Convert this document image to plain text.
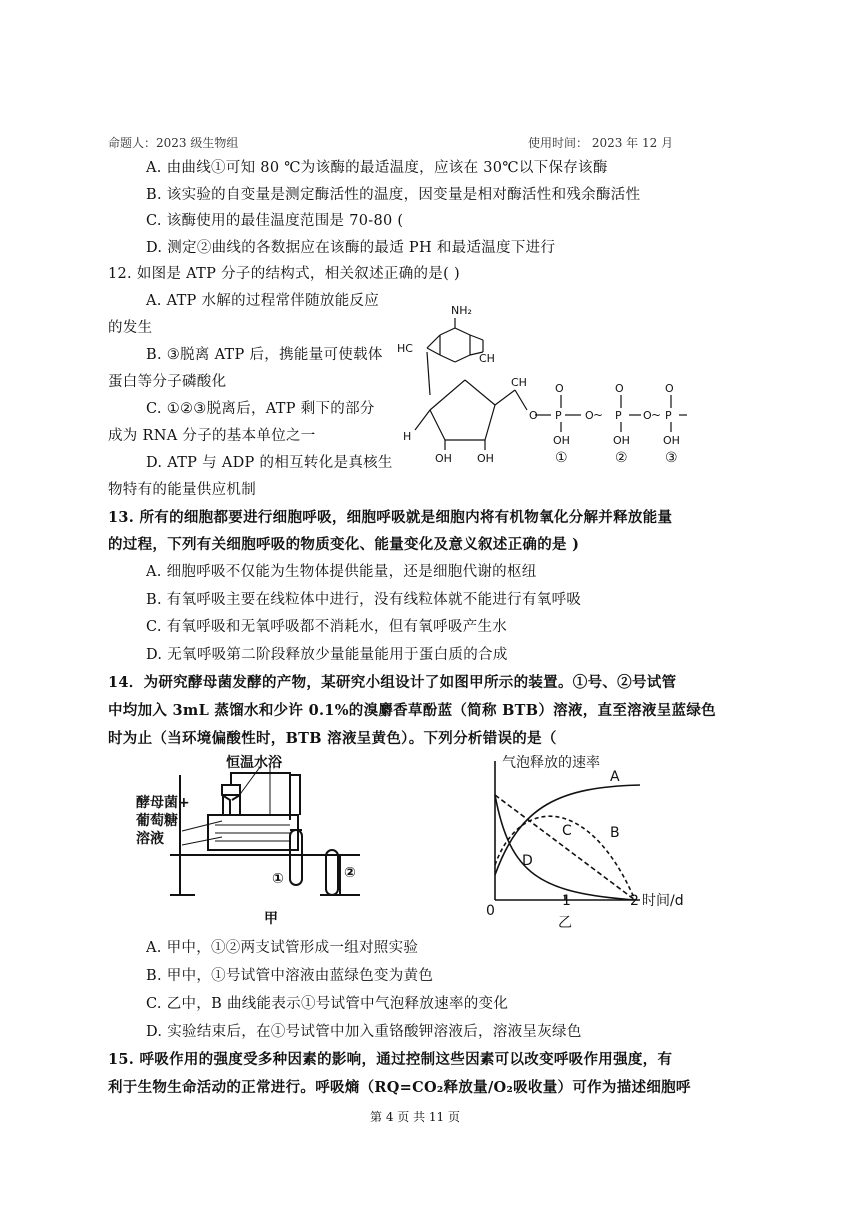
命题人：2023 级生物组	使用时间： 2023 年 12 月
A. 由曲线①可知 80 ℃为该酶的最适温度，应该在 30℃以下保存该酶
B. 该实验的自变量是测定酶活性的温度，因变量是相对酶活性和残余酶活性
C. 该酶使用的最佳温度范围是 70-80 (
D. 测定②曲线的各数据应在该酶的最适 PH 和最适温度下进行
12. 如图是 ATP 分子的结构式，相关叙述正确的是( )
A. ATP 水解的过程常伴随放能反应
的发生
B. ③脱离 ATP 后，携能量可使载体
蛋白等分子磷酸化
C. ①②③脱离后，ATP 剩下的部分
成为 RNA 分子的基本单位之一
D. ATP 与 ADP 的相互转化是真核生
物特有的能量供应机制
NH₂
HC
CH
H
OH OH
CH
O P
O
OH
P
O
OH
P
O
OH
O	O
①	②	③
~	~
13. 所有的细胞都要进行细胞呼吸，细胞呼吸就是细胞内将有机物氧化分解并释放能量
的过程，下列有关细胞呼吸的物质变化、能量变化及意义叙述正确的是 )
A. 细胞呼吸不仅能为生物体提供能量，还是细胞代谢的枢纽
B. 有氧呼吸主要在线粒体中进行，没有线粒体就不能进行有氧呼吸
C. 有氧呼吸和无氧呼吸都不消耗水，但有氧呼吸产生水
D. 无氧呼吸第二阶段释放少量能量能用于蛋白质的合成
14．为研究酵母菌发酵的产物，某研究小组设计了如图甲所示的装置。①号、②号试管
中均加入 3mL 蒸馏水和少许 0.1%的溴麝香草酚蓝（简称 BTB）溶液，直至溶液呈蓝绿色
时为止（当环境偏酸性时，BTB 溶液呈黄色）。下列分析错误的是（
恒温水浴
酵母菌+
葡萄糖
溶液
①	②
甲
气泡释放的速率
时间/d
0
1	2
乙
A
B
C
D
A. 甲中，①②两支试管形成一组对照实验
B. 甲中，①号试管中溶液由蓝绿色变为黄色
C. 乙中，B 曲线能表示①号试管中气泡释放速率的变化
D. 实验结束后，在①号试管中加入重铬酸钾溶液后，溶液呈灰绿色
15. 呼吸作用的强度受多种因素的影响，通过控制这些因素可以改变呼吸作用强度，有
利于生物生命活动的正常进行。呼吸熵（RQ=CO₂释放量/O₂吸收量）可作为描述细胞呼
第 4 页 共 11 页
